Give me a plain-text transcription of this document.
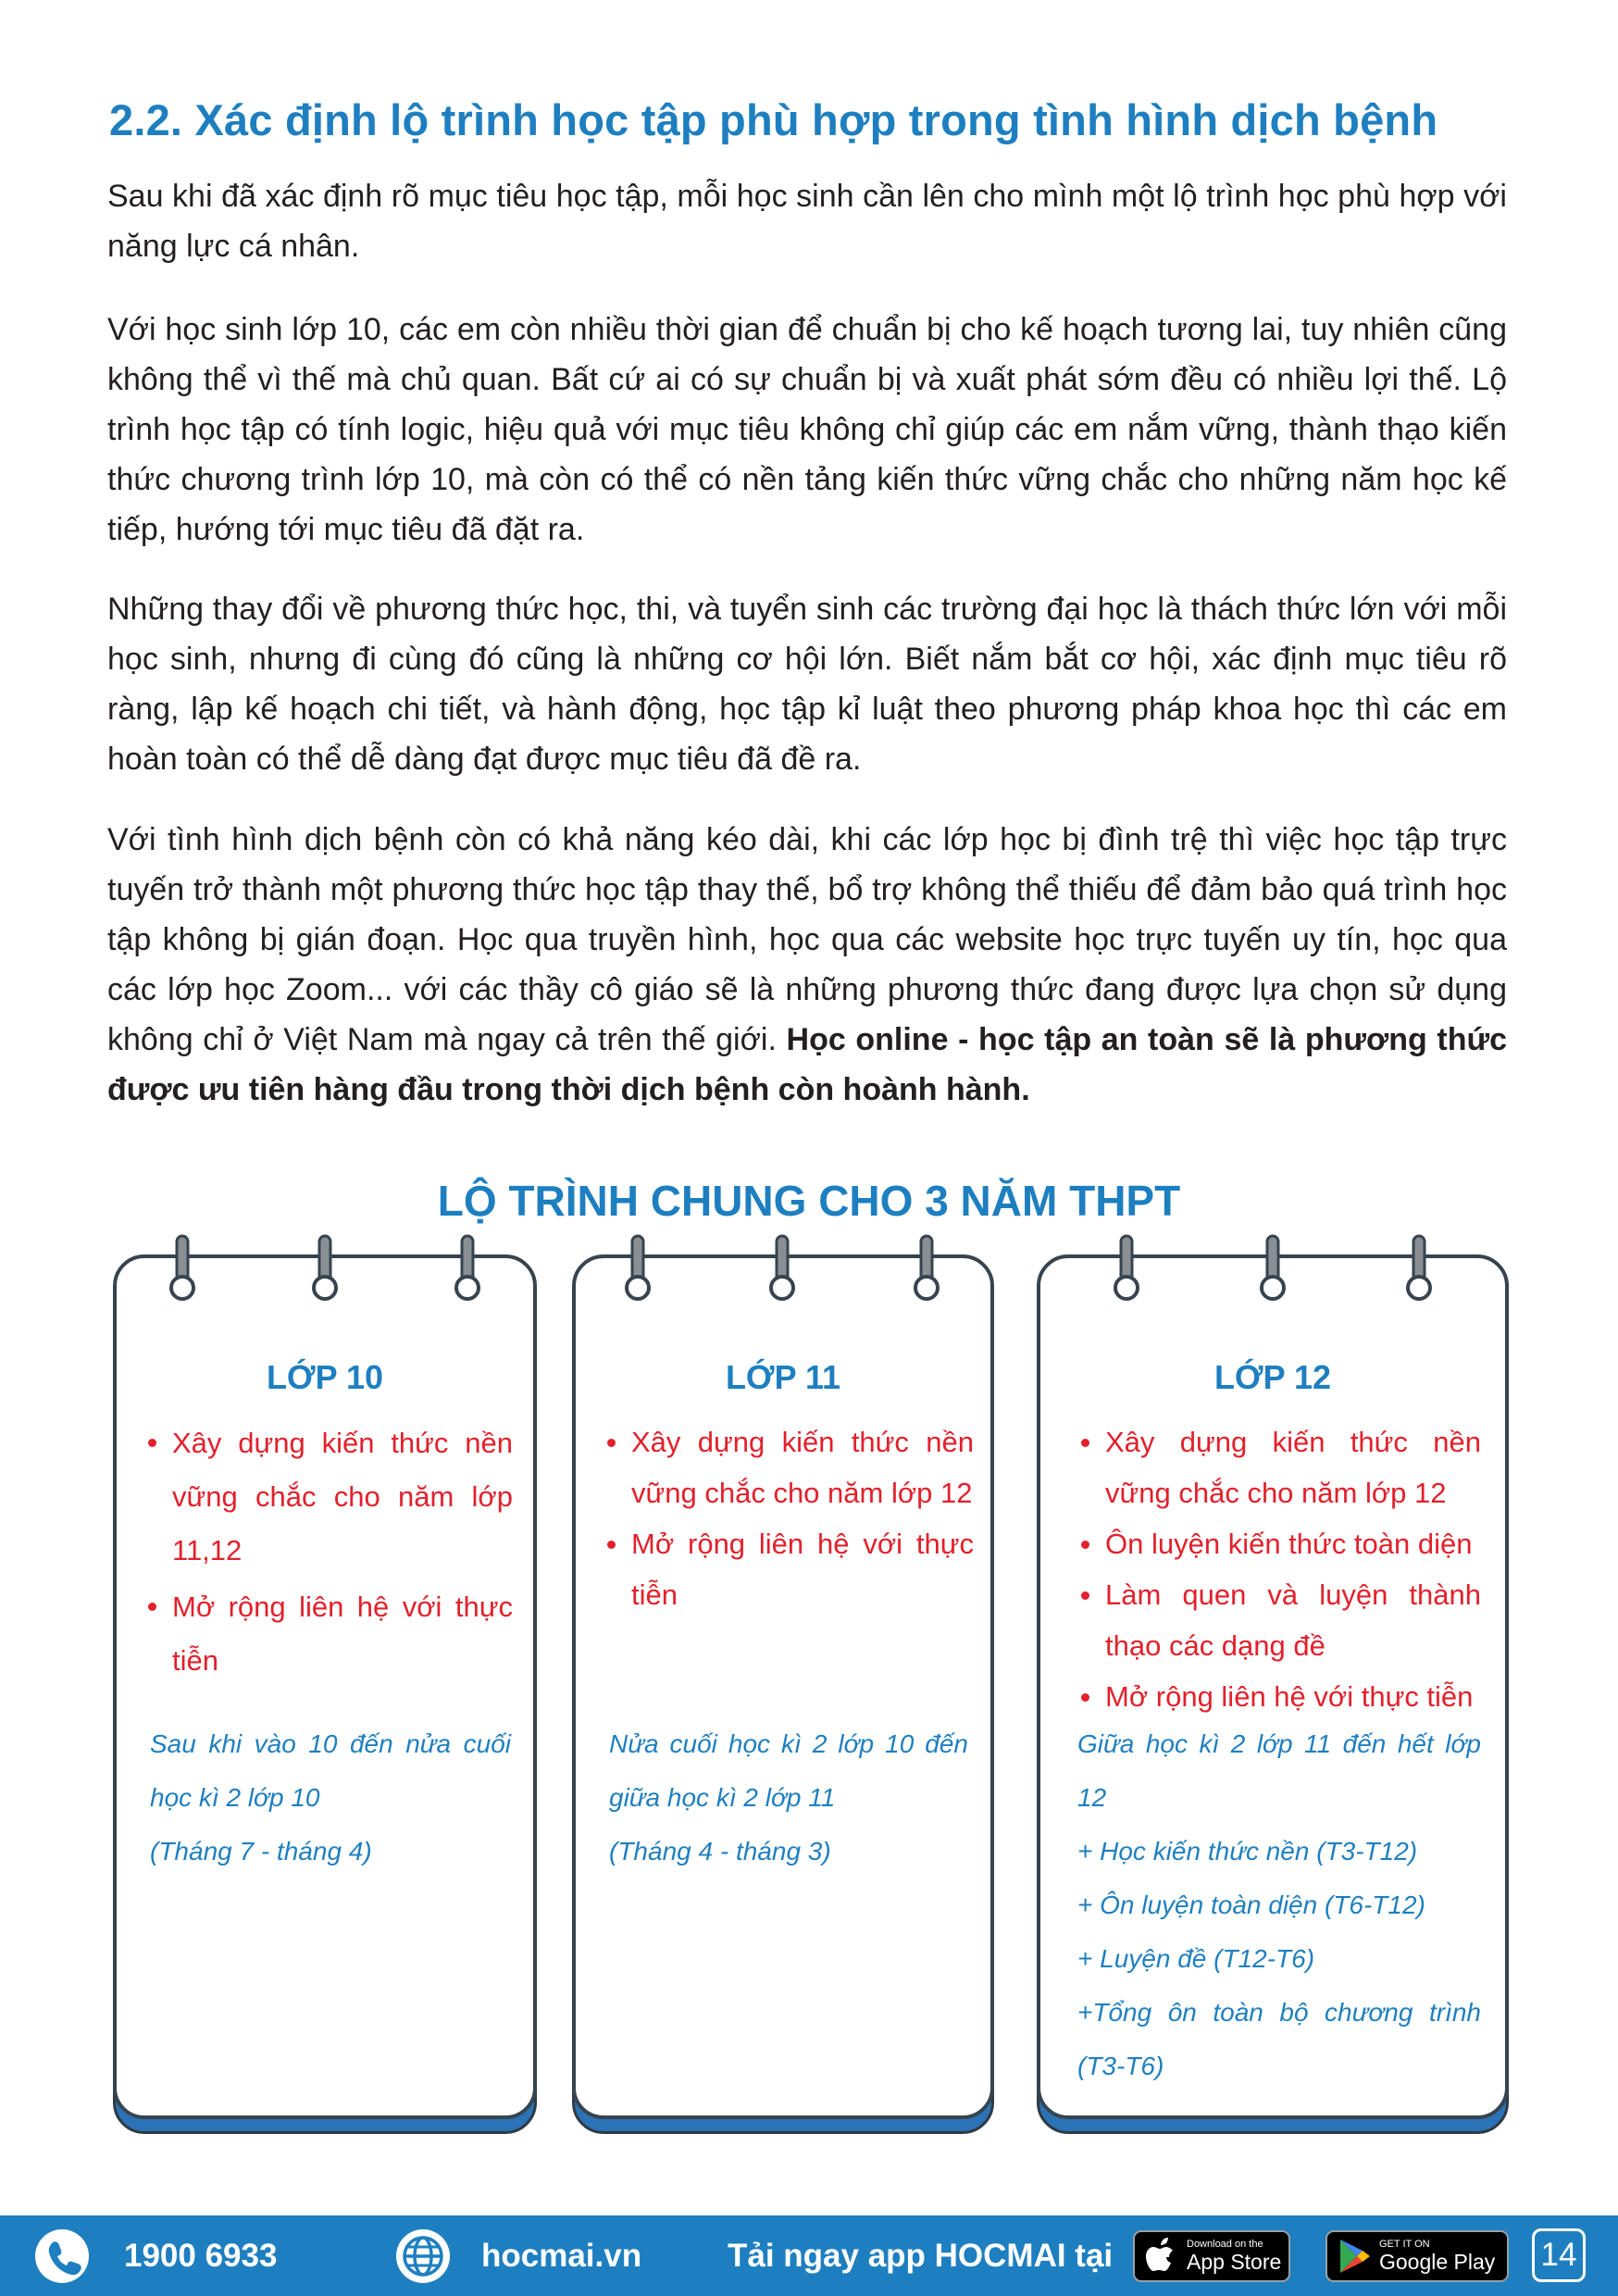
2.2. Xác định lộ trình học tập phù hợp trong tình hình dịch bệnh

Sau khi đã xác định rõ mục tiêu học tập, mỗi học sinh cần lên cho mình một lộ trình học phù hợp với năng lực cá nhân.

Với học sinh lớp 10, các em còn nhiều thời gian để chuẩn bị cho kế hoạch tương lai, tuy nhiên cũng không thể vì thế mà chủ quan. Bất cứ ai có sự chuẩn bị và xuất phát sớm đều có nhiều lợi thế. Lộ trình học tập có tính logic, hiệu quả với mục tiêu không chỉ giúp các em nắm vững, thành thạo kiến thức chương trình lớp 10, mà còn có thể có nền tảng kiến thức vững chắc cho những năm học kế tiếp, hướng tới mục tiêu đã đặt ra.

Những thay đổi về phương thức học, thi, và tuyển sinh các trường đại học là thách thức lớn với mỗi học sinh, nhưng đi cùng đó cũng là những cơ hội lớn. Biết nắm bắt cơ hội, xác định mục tiêu rõ ràng, lập kế hoạch chi tiết, và hành động, học tập kỉ luật theo phương pháp khoa học thì các em hoàn toàn có thể dễ dàng đạt được mục tiêu đã đề ra.

Với tình hình dịch bệnh còn có khả năng kéo dài, khi các lớp học bị đình trệ thì việc học tập trực tuyến trở thành một phương thức học tập thay thế, bổ trợ không thể thiếu để đảm bảo quá trình học tập không bị gián đoạn. Học qua truyền hình, học qua các website học trực tuyến uy tín, học qua các lớp học Zoom... với các thầy cô giáo sẽ là những phương thức đang được lựa chọn sử dụng không chỉ ở Việt Nam mà ngay cả trên thế giới. Học online - học tập an toàn sẽ là phương thức được ưu tiên hàng đầu trong thời dịch bệnh còn hoành hành.

LỘ TRÌNH CHUNG CHO 3 NĂM THPT
LỚP 10
Xây dựng kiến thức nền vững chắc cho năm lớp 11,12
Mở rộng liên hệ với thực tiễn

Sau khi vào 10 đến nửa cuối học kì 2 lớp 10

(Tháng 7 - tháng 4)

LỚP 11
Xây dựng kiến thức nền vững chắc cho năm lớp 12
Mở rộng liên hệ với thực tiễn

Nửa cuối học kì 2 lớp 10 đến giữa học kì 2 lớp 11

(Tháng 4 - tháng 3)

LỚP 12
Xây dựng kiến thức nền vững chắc cho năm lớp 12
Ôn luyện kiến thức toàn diện
Làm quen và luyện thành thạo các dạng đề
Mở rộng liên hệ với thực tiễn

Giữa học kì 2 lớp 11 đến hết lớp 12

+ Học kiến thức nền (T3-T12)

+ Ôn luyện toàn diện (T6-T12)

+ Luyện đề (T12-T6)

+Tổng ôn toàn bộ chương trình (T3-T6)

1900 6933	hocmai.vn	Tải ngay app HOCMAI tại	Download on the
App Store
GET IT ON
Google Play 14
